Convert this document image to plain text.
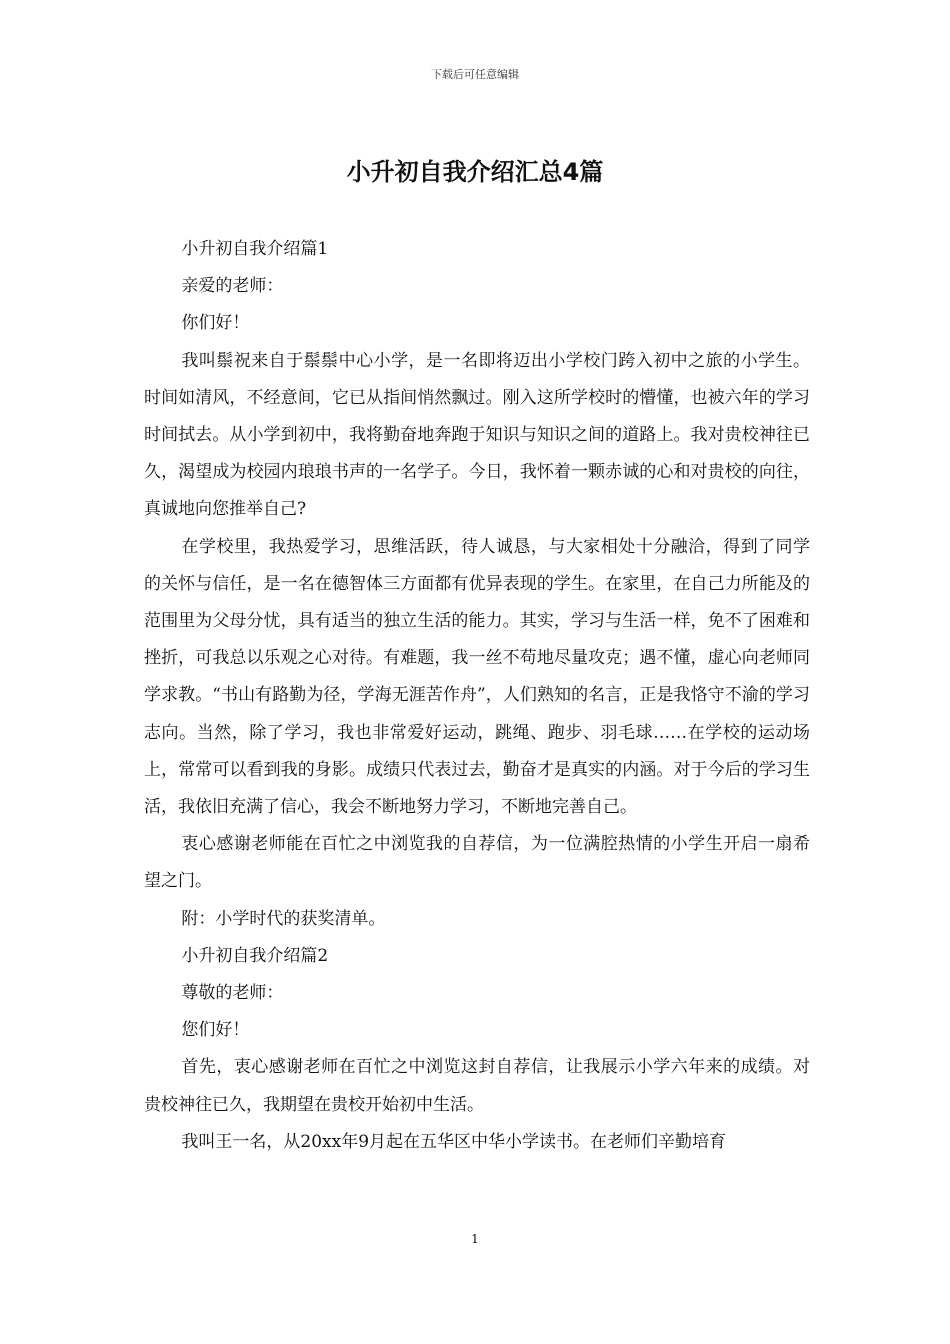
下载后可任意编辑
小升初自我介绍汇总4篇

小升初自我介绍篇1

亲爱的老师：

你们好！

我叫鬃祝来自于鬃鬃中心小学，是一名即将迈出小学校门跨入初中之旅的小学生。时间如清风，不经意间，它已从指间悄然飘过。刚入这所学校时的懵懂，也被六年的学习时间拭去。从小学到初中，我将勤奋地奔跑于知识与知识之间的道路上。我对贵校神往已久，渴望成为校园内琅琅书声的一名学子。今日，我怀着一颗赤诚的心和对贵校的向往，真诚地向您推举自己?

在学校里，我热爱学习，思维活跃，待人诚恳，与大家相处十分融洽，得到了同学的关怀与信任，是一名在德智体三方面都有优异表现的学生。在家里，在自己力所能及的范围里为父母分忧，具有适当的独立生活的能力。其实，学习与生活一样，免不了困难和挫折，可我总以乐观之心对待。有难题，我一丝不苟地尽量攻克；遇不懂，虚心向老师同学求教。“书山有路勤为径，学海无涯苦作舟”，人们熟知的名言，正是我恪守不渝的学习志向。当然，除了学习，我也非常爱好运动，跳绳、跑步、羽毛球……在学校的运动场上，常常可以看到我的身影。成绩只代表过去，勤奋才是真实的内涵。对于今后的学习生活，我依旧充满了信心，我会不断地努力学习，不断地完善自己。

衷心感谢老师能在百忙之中浏览我的自荐信，为一位满腔热情的小学生开启一扇希望之门。

附：小学时代的获奖清单。

小升初自我介绍篇2

尊敬的老师：

您们好！

首先，衷心感谢老师在百忙之中浏览这封自荐信，让我展示小学六年来的成绩。对贵校神往已久，我期望在贵校开始初中生活。

我叫王一名，从20xx年9月起在五华区中华小学读书。在老师们辛勤培育

1
